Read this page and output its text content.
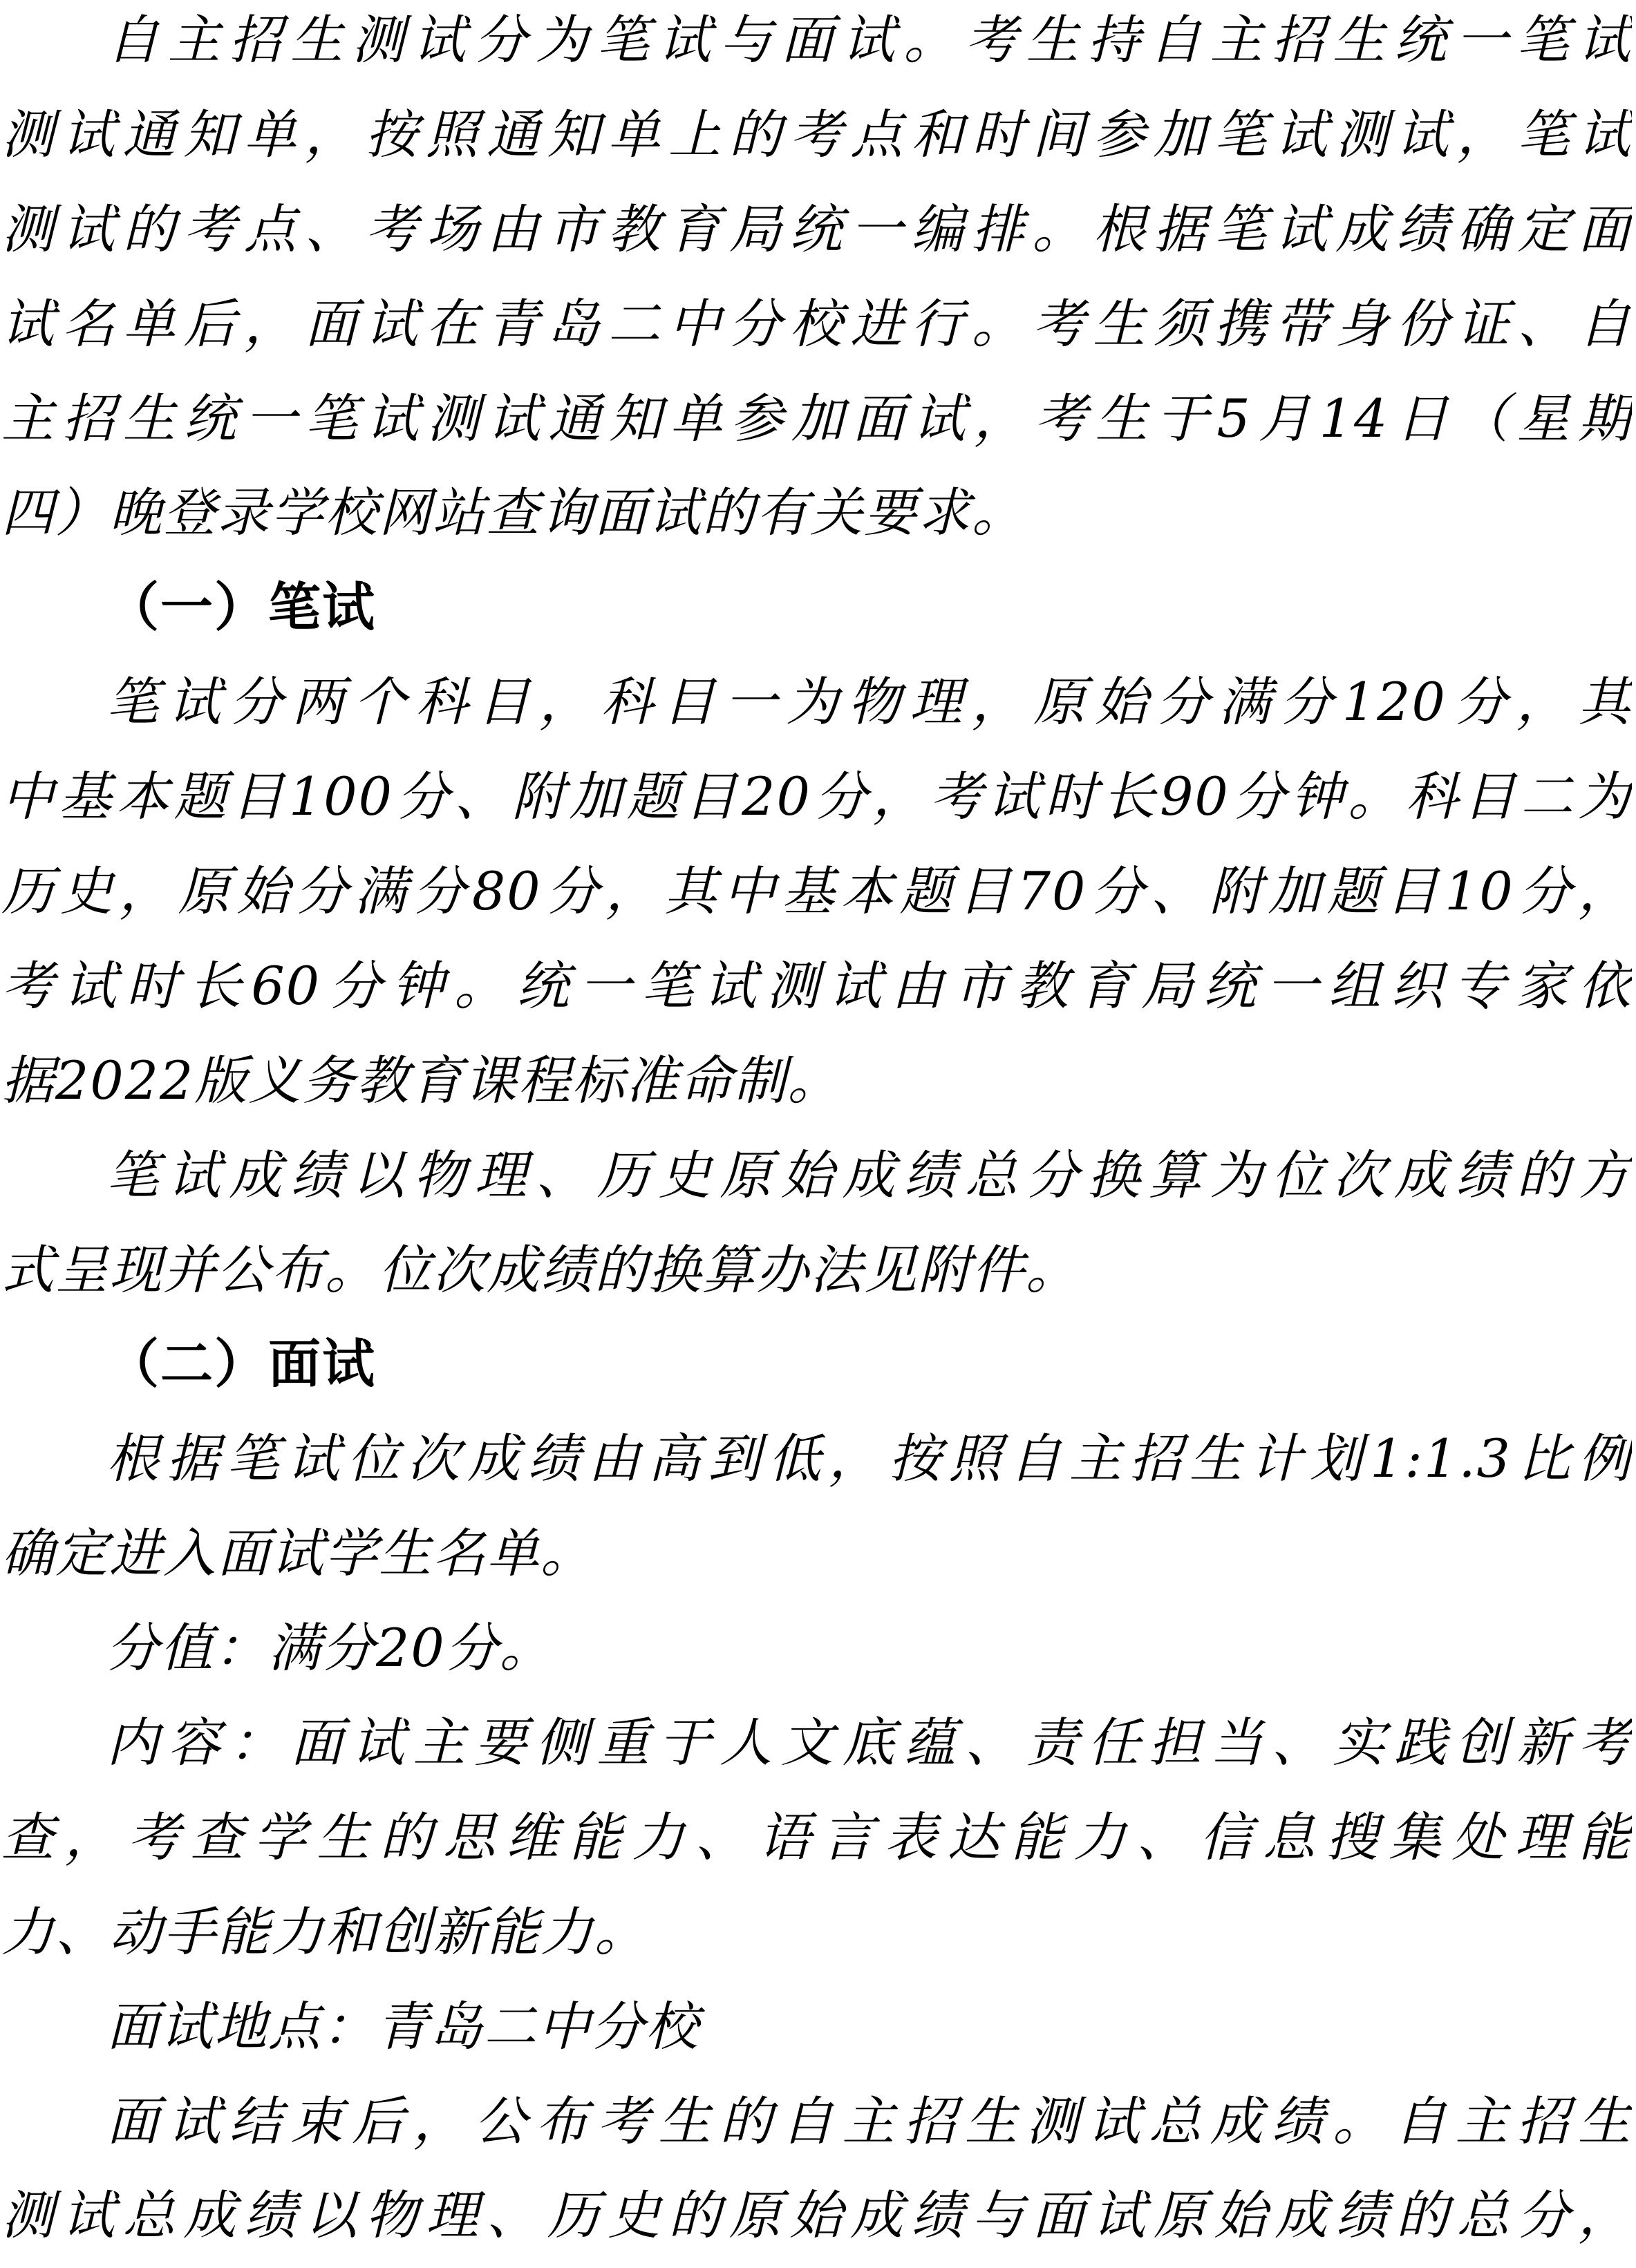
自主招生测试分为笔试与面试。考生持自主招生统一笔试
测试通知单，按照通知单上的考点和时间参加笔试测试，笔试
测试的考点、考场由市教育局统一编排。根据笔试成绩确定面
试名单后，面试在青岛二中分校进行。考生须携带身份证、自
主招生统一笔试测试通知单参加面试，考生于5月14日（星期
四）晚登录学校网站查询面试的有关要求。
（一）笔试
笔试分两个科目，科目一为物理，原始分满分120分，其
中基本题目100分、附加题目20分，考试时长90分钟。科目二为
历史，原始分满分80分，其中基本题目70分、附加题目10分，
考试时长60分钟。统一笔试测试由市教育局统一组织专家依
据2022版义务教育课程标准命制。
笔试成绩以物理、历史原始成绩总分换算为位次成绩的方
式呈现并公布。位次成绩的换算办法见附件。
（二）面试
根据笔试位次成绩由高到低，按照自主招生计划1:1.3比例
确定进入面试学生名单。
分值：满分20分。
内容：面试主要侧重于人文底蕴、责任担当、实践创新考
查，考查学生的思维能力、语言表达能力、信息搜集处理能
力、动手能力和创新能力。
面试地点：青岛二中分校
面试结束后，公布考生的自主招生测试总成绩。自主招生
测试总成绩以物理、历史的原始成绩与面试原始成绩的总分，
